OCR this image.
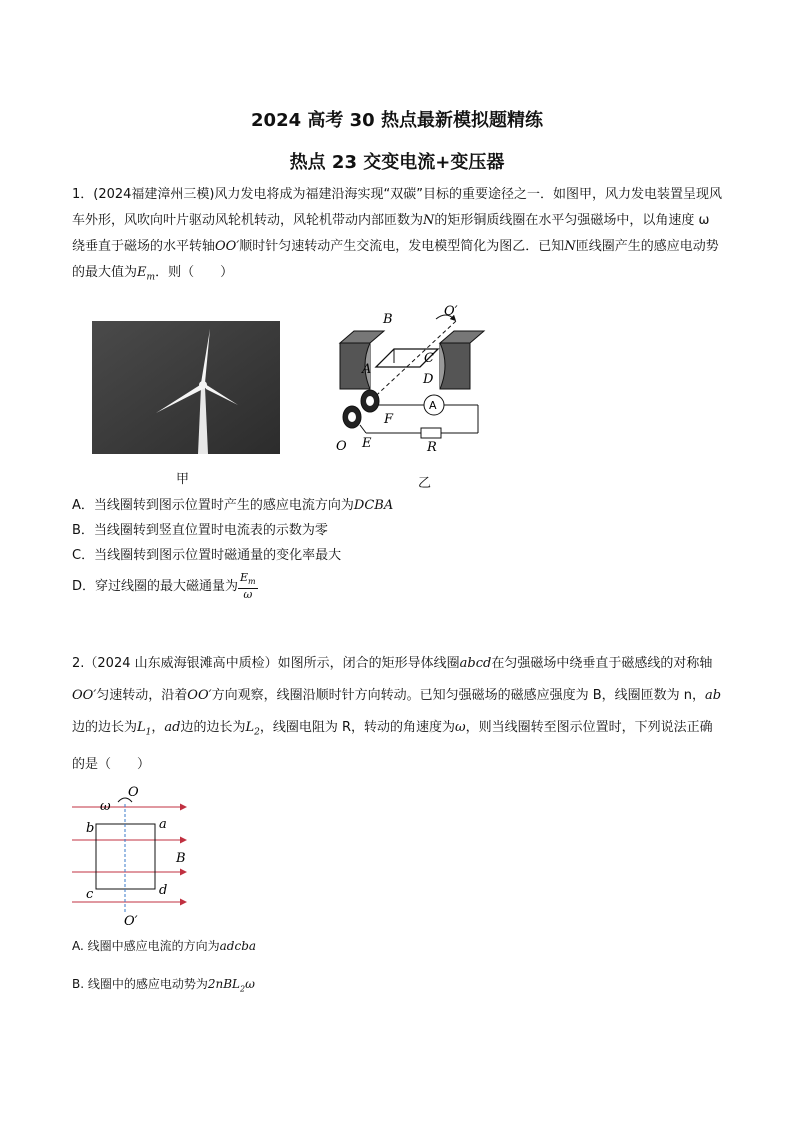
2024 高考 30 热点最新模拟题精练
热点 23 交变电流+变压器
1．(2024福建漳州三模)风力发电将成为福建沿海实现“双碳”目标的重要途径之一．如图甲，风力发电装置呈现风车外形，风吹向叶片驱动风轮机转动，风轮机带动内部匝数为N的矩形铜质线圈在水平匀强磁场中，以角速度 ω 绕垂直于磁场的水平转轴OO′顺时针匀速转动产生交流电，发电模型简化为图乙．已知N匝线圈产生的感应电动势的最大值为$E_m$．则（　　）
甲
B
C
A
D
F
E
O
O′
A
R
乙
A．当线圈转到图示位置时产生的感应电流方向为DCBA
B．当线圈转到竖直位置时电流表的示数为零
C．当线圈转到图示位置时磁通量的变化率最大
D．穿过线圈的最大磁通量为 $\frac{E_m}{\omega}$
2.（2024 山东威海银滩高中质检）如图所示，闭合的矩形导体线圈abcd在匀强磁场中绕垂直于磁感线的对称轴OO′匀速转动，沿着OO′方向观察，线圈沿顺时针方向转动。已知匀强磁场的磁感应强度为 B，线圈匝数为 n，ab边的边长为$L_1$，ad边的边长为$L_2$，线圈电阻为 R，转动的角速度为ω，则当线圈转至图示位置时，下列说法正确的是（　　）
ω
O
b	a
B
c	d
O′
A. 线圈中感应电流的方向为adcba
B. 线圈中的感应电动势为2nBL$_2$ω
